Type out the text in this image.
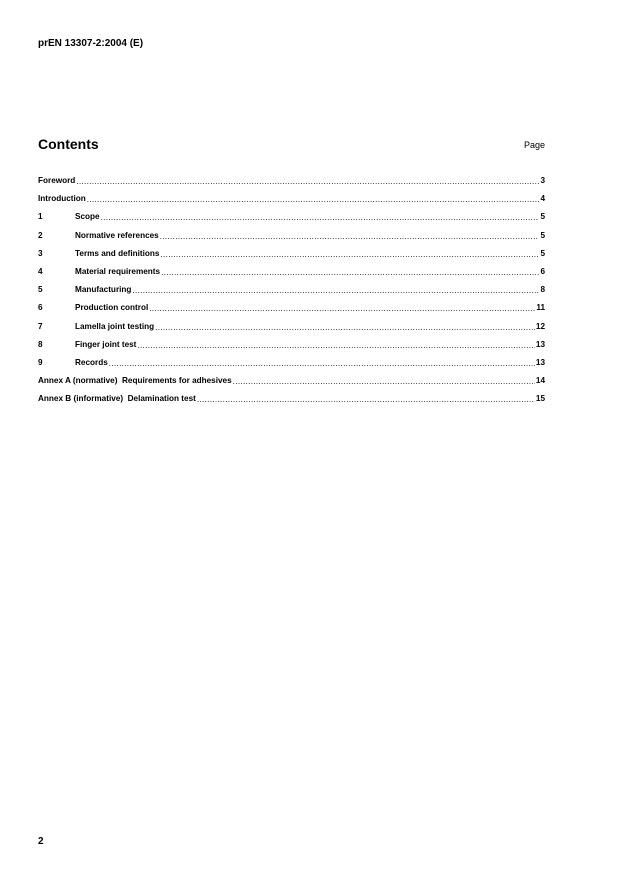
prEN 13307-2:2004 (E)
Contents	Page
Foreword .....	3
Introduction .....	4
1	Scope .....	5
2	Normative references .....	5
3	Terms and definitions .....	5
4	Material requirements .....	6
5	Manufacturing .....	8
6	Production control .....	11
7	Lamella joint testing .....	12
8	Finger joint test .....	13
9	Records .....	13
Annex A (normative)  Requirements for adhesives .....	14
Annex B (informative)  Delamination test .....	15
2
